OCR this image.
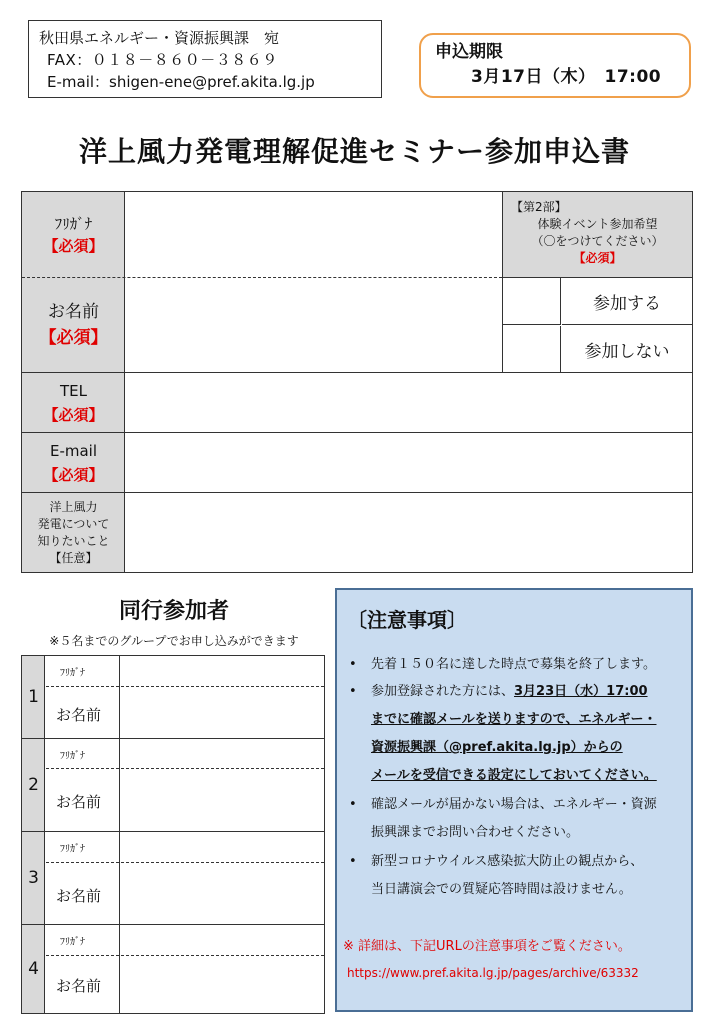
秋田県エネルギー・資源振興課　宛
FAX：０１８－８６０－３８６９
E-mail：shigen-ene@pref.akita.lg.jp
申込期限
3月17日（木）　17:00
洋上風力発電理解促進セミナー参加申込書
ﾌﾘｶﾞﾅ
【必須】
お名前
【必須】
TEL
【必須】
E-mail
【必須】
洋上風力
発電について
知りたいこと
【任意】
【第2部】
体験イベント参加希望
（〇をつけてください）
【必須】
参加する
参加しない
同行参加者
※５名までのグループでお申し込みができます
1
ﾌﾘｶﾞﾅ
お名前
2
ﾌﾘｶﾞﾅ
お名前
3
ﾌﾘｶﾞﾅ
お名前
4
ﾌﾘｶﾞﾅ
お名前
〔注意事項〕
• 先着１５０名に達した時点で募集を終了します。
• 参加登録された方には、3月23日（水）17:00
までに確認メールを送りますので、エネルギー・
資源振興課（@pref.akita.lg.jp）からの
メールを受信できる設定にしておいてください。
• 確認メールが届かない場合は、エネルギー・資源
振興課までお問い合わせください。
• 新型コロナウイルス感染拡大防止の観点から、
当日講演会での質疑応答時間は設けません。
※ 詳細は、下記URLの注意事項をご覧ください。
https://www.pref.akita.lg.jp/pages/archive/63332
